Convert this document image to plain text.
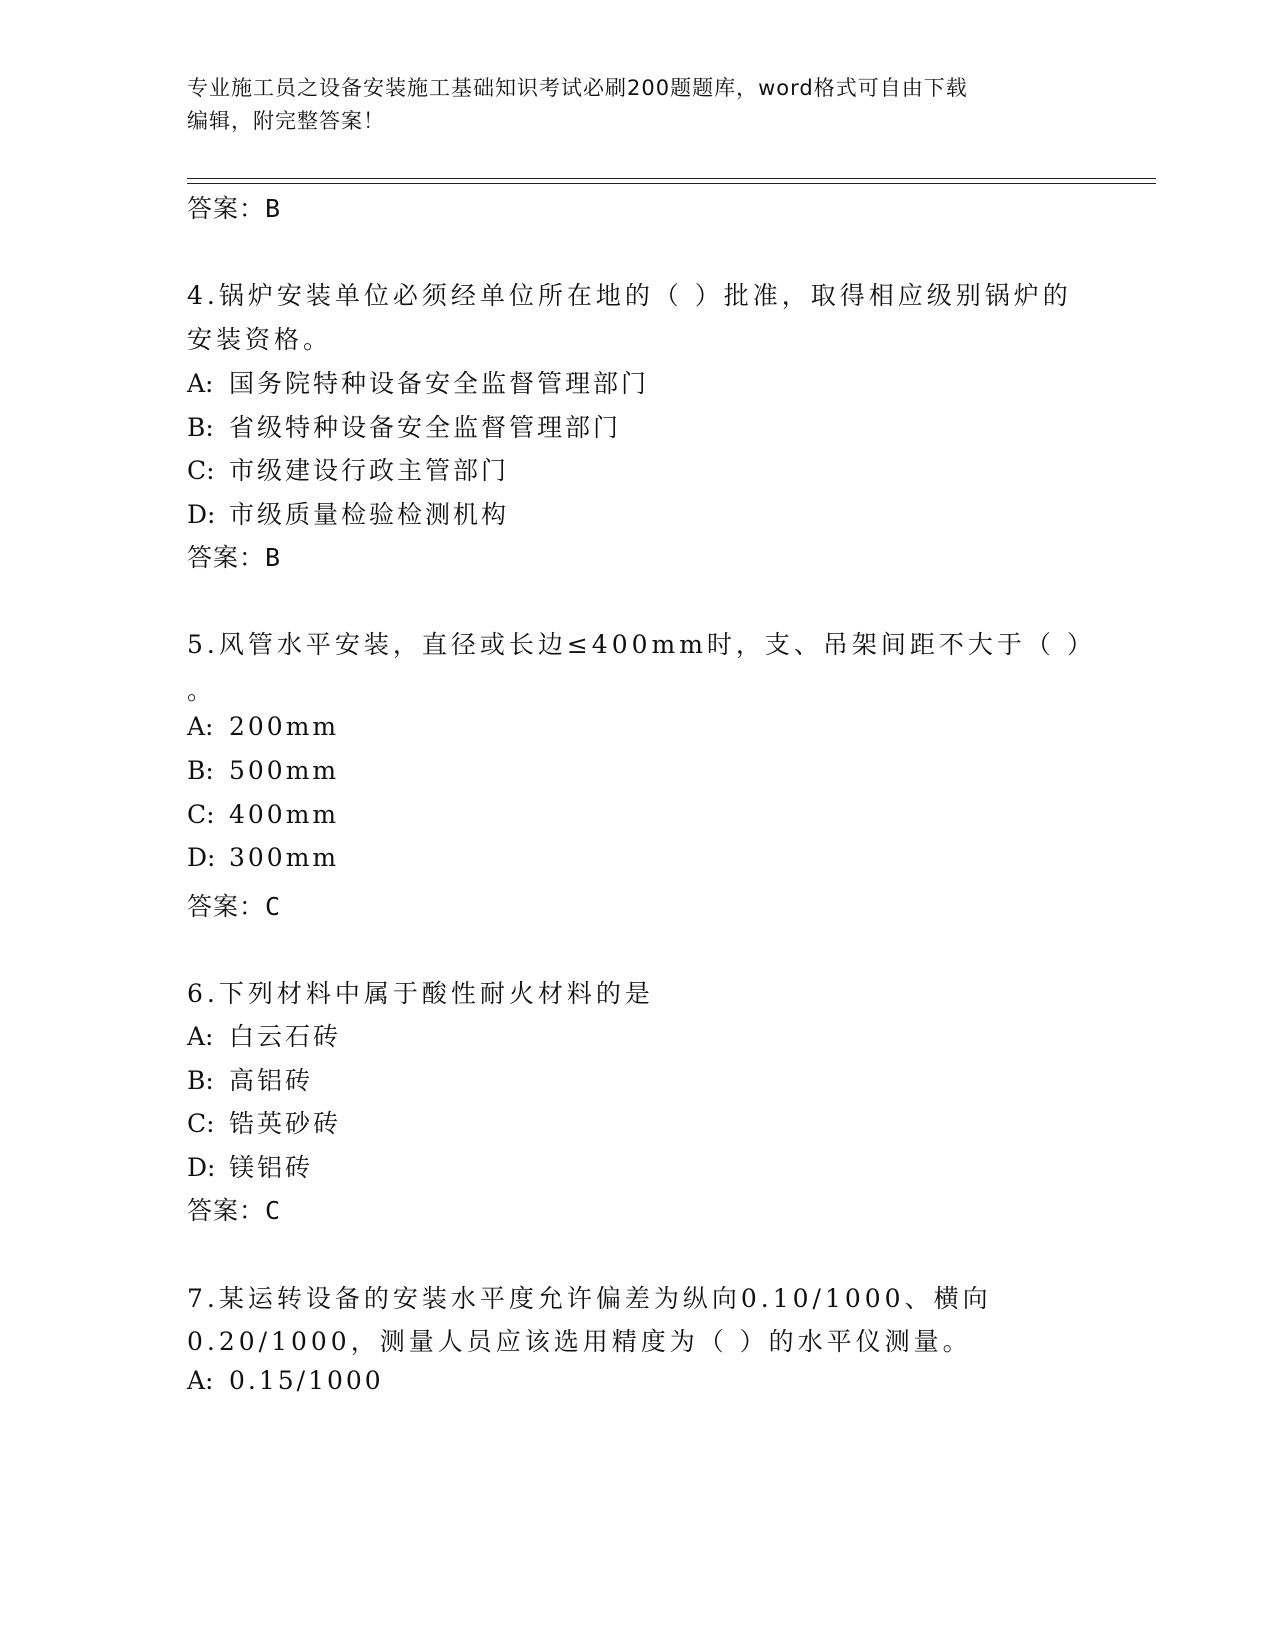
专业施工员之设备安装施工基础知识考试必刷200题题库，word格式可自由下载

编辑，附完整答案！

答案：B
4.锅炉安装单位必须经单位所在地的（ ）批准，取得相应级别锅炉的
安装资格。
A: 国务院特种设备安全监督管理部门
B: 省级特种设备安全监督管理部门
C: 市级建设行政主管部门
D: 市级质量检验检测机构
答案：B
5.风管水平安装，直径或长边≤400mm时，支、吊架间距不大于（ ）
。
A: 200mm
B: 500mm
C: 400mm
D: 300mm
答案：C
6.下列材料中属于酸性耐火材料的是
A: 白云石砖
B: 高铝砖
C: 锆英砂砖
D: 镁铝砖
答案：C
7.某运转设备的安装水平度允许偏差为纵向0.10/1000、横向
0.20/1000，测量人员应该选用精度为（ ）的水平仪测量。
A: 0.15/1000
